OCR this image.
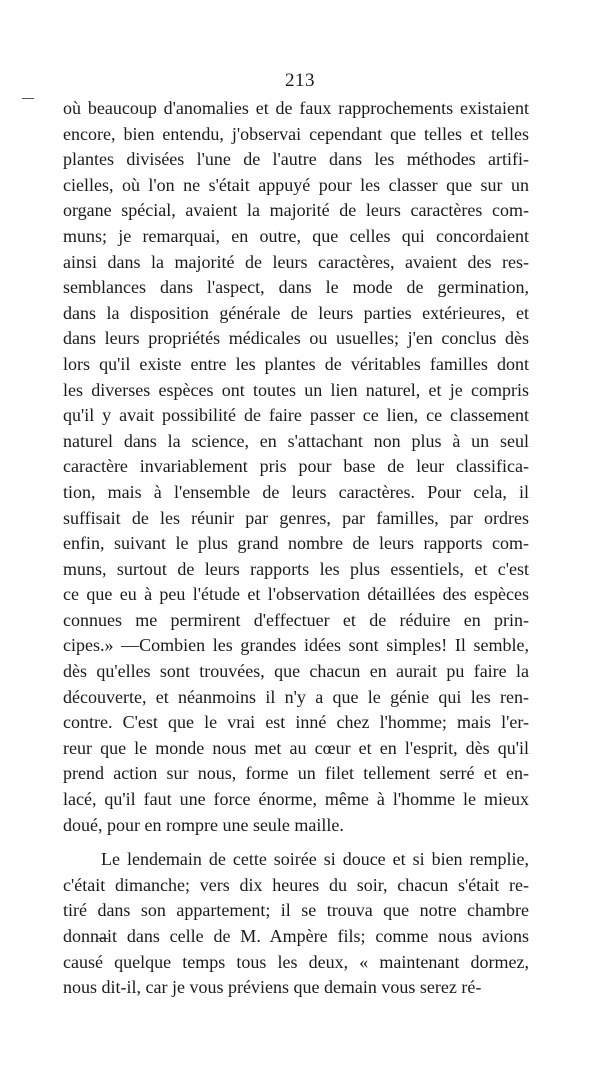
213
où beaucoup d'anomalies et de faux rapprochements existaient
encore, bien entendu, j'observai cependant que telles et telles
plantes divisées l'une de l'autre dans les méthodes artifi-
cielles, où l'on ne s'était appuyé pour les classer que sur un
organe spécial, avaient la majorité de leurs caractères com-
muns; je remarquai, en outre, que celles qui concordaient
ainsi dans la majorité de leurs caractères, avaient des res-
semblances dans l'aspect, dans le mode de germination,
dans la disposition générale de leurs parties extérieures, et
dans leurs propriétés médicales ou usuelles; j'en conclus dès
lors qu'il existe entre les plantes de véritables familles dont
les diverses espèces ont toutes un lien naturel, et je compris
qu'il y avait possibilité de faire passer ce lien, ce classement
naturel dans la science, en s'attachant non plus à un seul
caractère invariablement pris pour base de leur classifica-
tion, mais à l'ensemble de leurs caractères. Pour cela, il
suffisait de les réunir par genres, par familles, par ordres
enfin, suivant le plus grand nombre de leurs rapports com-
muns, surtout de leurs rapports les plus essentiels, et c'est
ce que eu à peu l'étude et l'observation détaillées des espèces
connues me permirent d'effectuer et de réduire en prin-
cipes.» —Combien les grandes idées sont simples! Il semble,
dès qu'elles sont trouvées, que chacun en aurait pu faire la
découverte, et néanmoins il n'y a que le génie qui les ren-
contre. C'est que le vrai est inné chez l'homme; mais l'er-
reur que le monde nous met au cœur et en l'esprit, dès qu'il
prend action sur nous, forme un filet tellement serré et en-
lacé, qu'il faut une force énorme, même à l'homme le mieux
doué, pour en rompre une seule maille.
Le lendemain de cette soirée si douce et si bien remplie,
c'était dimanche; vers dix heures du soir, chacun s'était re-
tiré dans son appartement; il se trouva que notre chambre
donnait dans celle de M. Ampère fils; comme nous avions
causé quelque temps tous les deux, « maintenant dormez,
nous dit-il, car je vous préviens que demain vous serez ré-
